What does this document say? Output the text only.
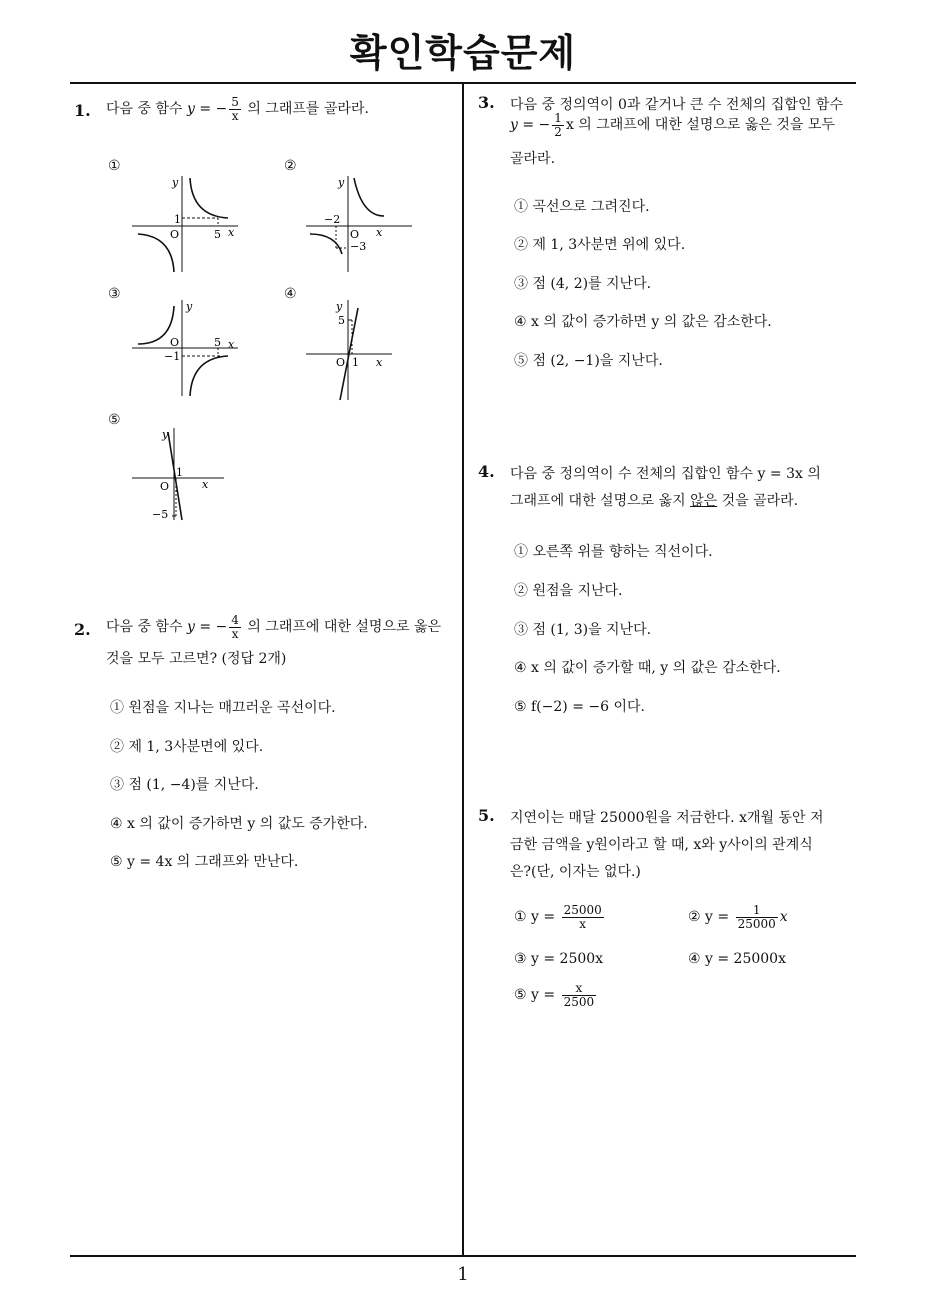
확인학습문제
1. 다음 중 함수 y = − $\frac{5}{x}$ 의 그래프를 골라라.
①	②
③	④
⑤
y
x
O
1
5
y
x
O
−2
−3
y
x
O	5
−1
y
x
O
5
1
y
x
O
1
−5
2. 다음 중 함수 y = − $\frac{4}{x}$ 의 그래프에 대한 설명으로 옳은
것을 모두 고르면? (정답 2개)
① 원점을 지나는 매끄러운 곡선이다.
② 제 1, 3사분면에 있다.
③ 점 (1, −4)를 지난다.
④ x 의 값이 증가하면 y 의 값도 증가한다.
⑤ y = 4x 의 그래프와 만난다.
3. 다음 중 정의역이 0과 같거나 큰 수 전체의 집합인 함수
y = − $\frac{1}{2}$ x 의 그래프에 대한 설명으로 옳은 것을 모두
골라라.
① 곡선으로 그려진다.
② 제 1, 3사분면 위에 있다.
③ 점 (4, 2)를 지난다.
④ x 의 값이 증가하면 y 의 값은 감소한다.
⑤ 점 (2, −1)을 지난다.
4. 다음 중 정의역이 수 전체의 집합인 함수 y = 3x 의
그래프에 대한 설명으로 옳지 않은 것을 골라라.
① 오른쪽 위를 향하는 직선이다.
② 원점을 지난다.
③ 점 (1, 3)을 지난다.
④ x 의 값이 증가할 때, y 의 값은 감소한다.
⑤ f(−2) = −6 이다.
5. 지연이는 매달 25000원을 저금한다. x개월 동안 저
금한 금액을 y원이라고 할 때, x와 y사이의 관계식
은?(단, 이자는 없다.)
① $y = \frac{25000}{x}$	② $y = \frac{1}{25000}$ x
③ y = 2500x	④ y = 25000x
⑤ $y = \frac{x}{2500}$
1
